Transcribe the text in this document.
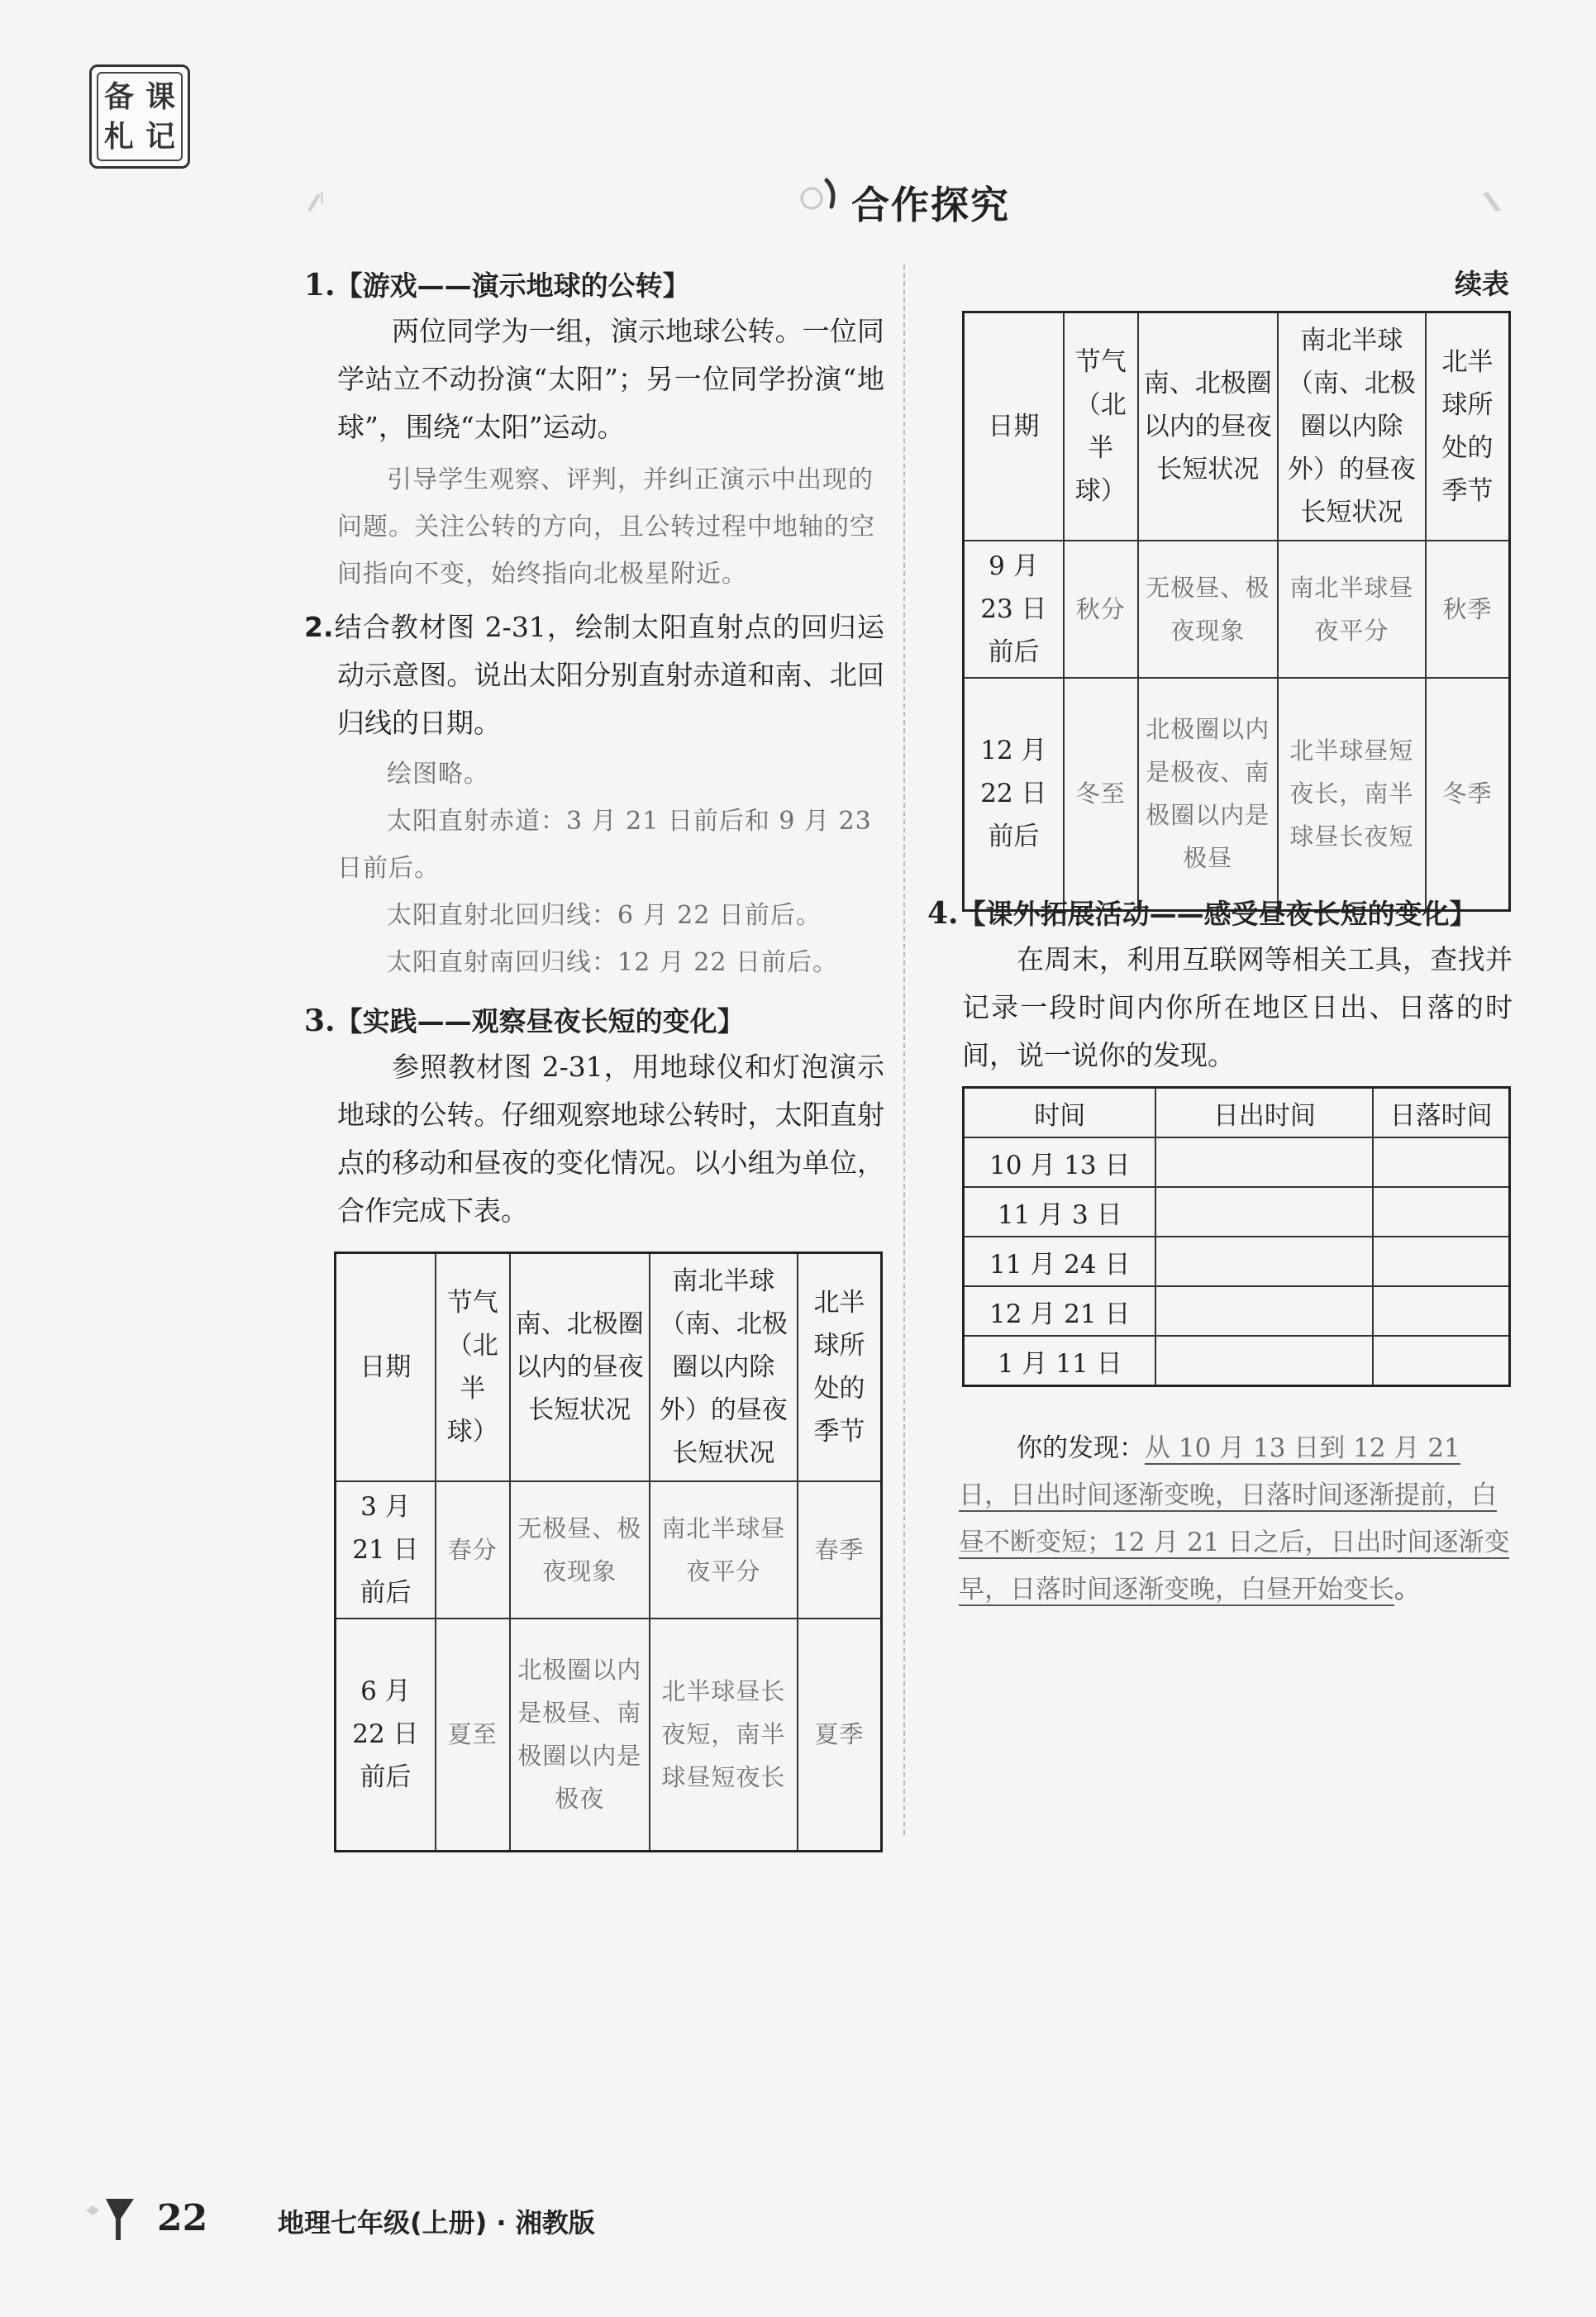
备 课
札 记
合作探究
1.【游戏——演示地球的公转】

两位同学为一组，演示地球公转。一位同学站立不动扮演“太阳”；另一位同学扮演“地球”，围绕“太阳”运动。

引导学生观察、评判，并纠正演示中出现的问题。关注公转的方向，且公转过程中地轴的空间指向不变，始终指向北极星附近。

2.结合教材图 2-31，绘制太阳直射点的回归运动示意图。说出太阳分别直射赤道和南、北回归线的日期。

绘图略。

太阳直射赤道：3 月 21 日前后和 9 月 23 日前后。

太阳直射北回归线：6 月 22 日前后。

太阳直射南回归线：12 月 22 日前后。

3.【实践——观察昼夜长短的变化】

参照教材图 2-31，用地球仪和灯泡演示地球的公转。仔细观察地球公转时，太阳直射点的移动和昼夜的变化情况。以小组为单位，合作完成下表。

日期	节气（北半球）	南、北极圈以内的昼夜长短状况	南北半球（南、北极圈以内除外）的昼夜长短状况	北半球所处的季节
3 月 21 日前后	春分	无极昼、极夜现象	南北半球昼夜平分	春季
6 月 22 日前后	夏至	北极圈以内是极昼、南极圈以内是极夜	北半球昼长夜短，南半球昼短夜长	夏季
续表
日期	节气（北半球）	南、北极圈以内的昼夜长短状况	南北半球（南、北极圈以内除外）的昼夜长短状况	北半球所处的季节
9 月 23 日前后	秋分	无极昼、极夜现象	南北半球昼夜平分	秋季
12 月 22 日前后	冬至	北极圈以内是极夜、南极圈以内是极昼	北半球昼短夜长，南半球昼长夜短	冬季
4.【课外拓展活动——感受昼夜长短的变化】

在周末，利用互联网等相关工具，查找并记录一段时间内你所在地区日出、日落的时间，说一说你的发现。

时间	日出时间	日落时间
10 月 13 日		
11 月 3 日		
11 月 24 日		
12 月 21 日		
1 月 11 日		
你的发现：从 10 月 13 日到 12 月 21 日，日出时间逐渐变晚，日落时间逐渐提前，白昼不断变短；12 月 21 日之后，日出时间逐渐变早，日落时间逐渐变晚，白昼开始变长。
22	地理七年级(上册) · 湘教版
